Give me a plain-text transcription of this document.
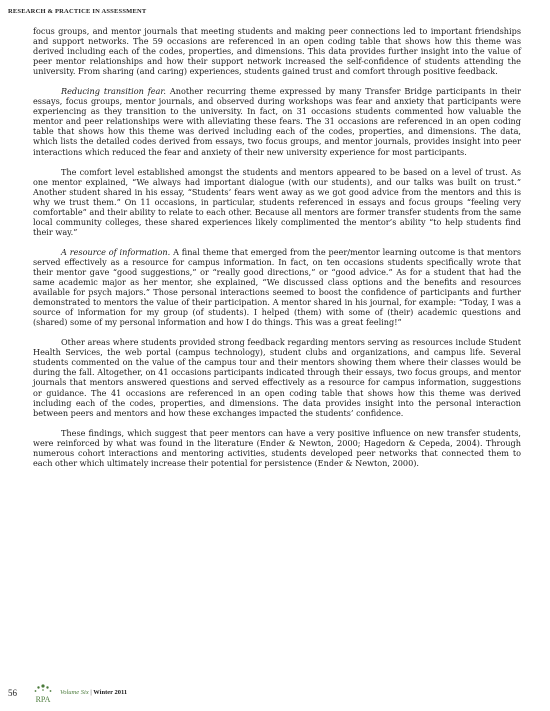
RESEARCH & PRACTICE IN ASSESSMENT

focus groups, and mentor journals that meeting students and making peer connections led to important friendships and support networks. The 59 occasions are referenced in an open coding table that shows how this theme was derived including each of the codes, properties, and dimensions. This data provides further insight into the value of peer mentor relationships and how their support network increased the self-confidence of students attending the university. From sharing (and caring) experiences, students gained trust and comfort through positive feedback.

Reducing transition fear. Another recurring theme expressed by many Transfer Bridge participants in their essays, focus groups, mentor journals, and observed during workshops was fear and anxiety that participants were experiencing as they transition to the university. In fact, on 31 occasions students commented how valuable the mentor and peer relationships were with alleviating these fears. The 31 occasions are referenced in an open coding table that shows how this theme was derived including each of the codes, properties, and dimensions. The data, which lists the detailed codes derived from essays, two focus groups, and mentor journals, provides insight into peer interactions which reduced the fear and anxiety of their new university experience for most participants.

The comfort level established amongst the students and mentors appeared to be based on a level of trust. As one mentor explained, “We always had important dialogue (with our students), and our talks was built on trust.” Another student shared in his essay, “Students’ fears went away as we got good advice from the mentors and this is why we trust them.” On 11 occasions, in particular, students referenced in essays and focus groups “feeling very comfortable” and their ability to relate to each other. Because all mentors are former transfer students from the same local community colleges, these shared experiences likely complimented the mentor’s ability “to help students find their way.”

A resource of information. A final theme that emerged from the peer/mentor learning outcome is that mentors served effectively as a resource for campus information. In fact, on ten occasions students specifically wrote that their mentor gave “good suggestions,” or “really good directions,” or “good advice.” As for a student that had the same academic major as her mentor, she explained, “We discussed class options and the benefits and resources available for psych majors.” Those personal interactions seemed to boost the confidence of participants and further demonstrated to mentors the value of their participation. A mentor shared in his journal, for example: “Today, I was a source of information for my group (of students). I helped (them) with some of (their) academic questions and (shared) some of my personal information and how I do things. This was a great feeling!”

Other areas where students provided strong feedback regarding mentors serving as resources include Student Health Services, the web portal (campus technology), student clubs and organizations, and campus life. Several students commented on the value of the campus tour and their mentors showing them where their classes would be during the fall. Altogether, on 41 occasions participants indicated through their essays, two focus groups, and mentor journals that mentors answered questions and served effectively as a resource for campus information, suggestions or guidance. The 41 occasions are referenced in an open coding table that shows how this theme was derived including each of the codes, properties, and dimensions. The data provides insight into the personal interaction between peers and mentors and how these exchanges impacted the students’ confidence.

These findings, which suggest that peer mentors can have a very positive influence on new transfer students, were reinforced by what was found in the literature (Ender & Newton, 2000; Hagedorn & Cepeda, 2004). Through numerous cohort interactions and mentoring activities, students developed peer networks that connected them to each other which ultimately increase their potential for persistence (Ender & Newton, 2000).

56
RPA
Volume Six | Winter 2011
